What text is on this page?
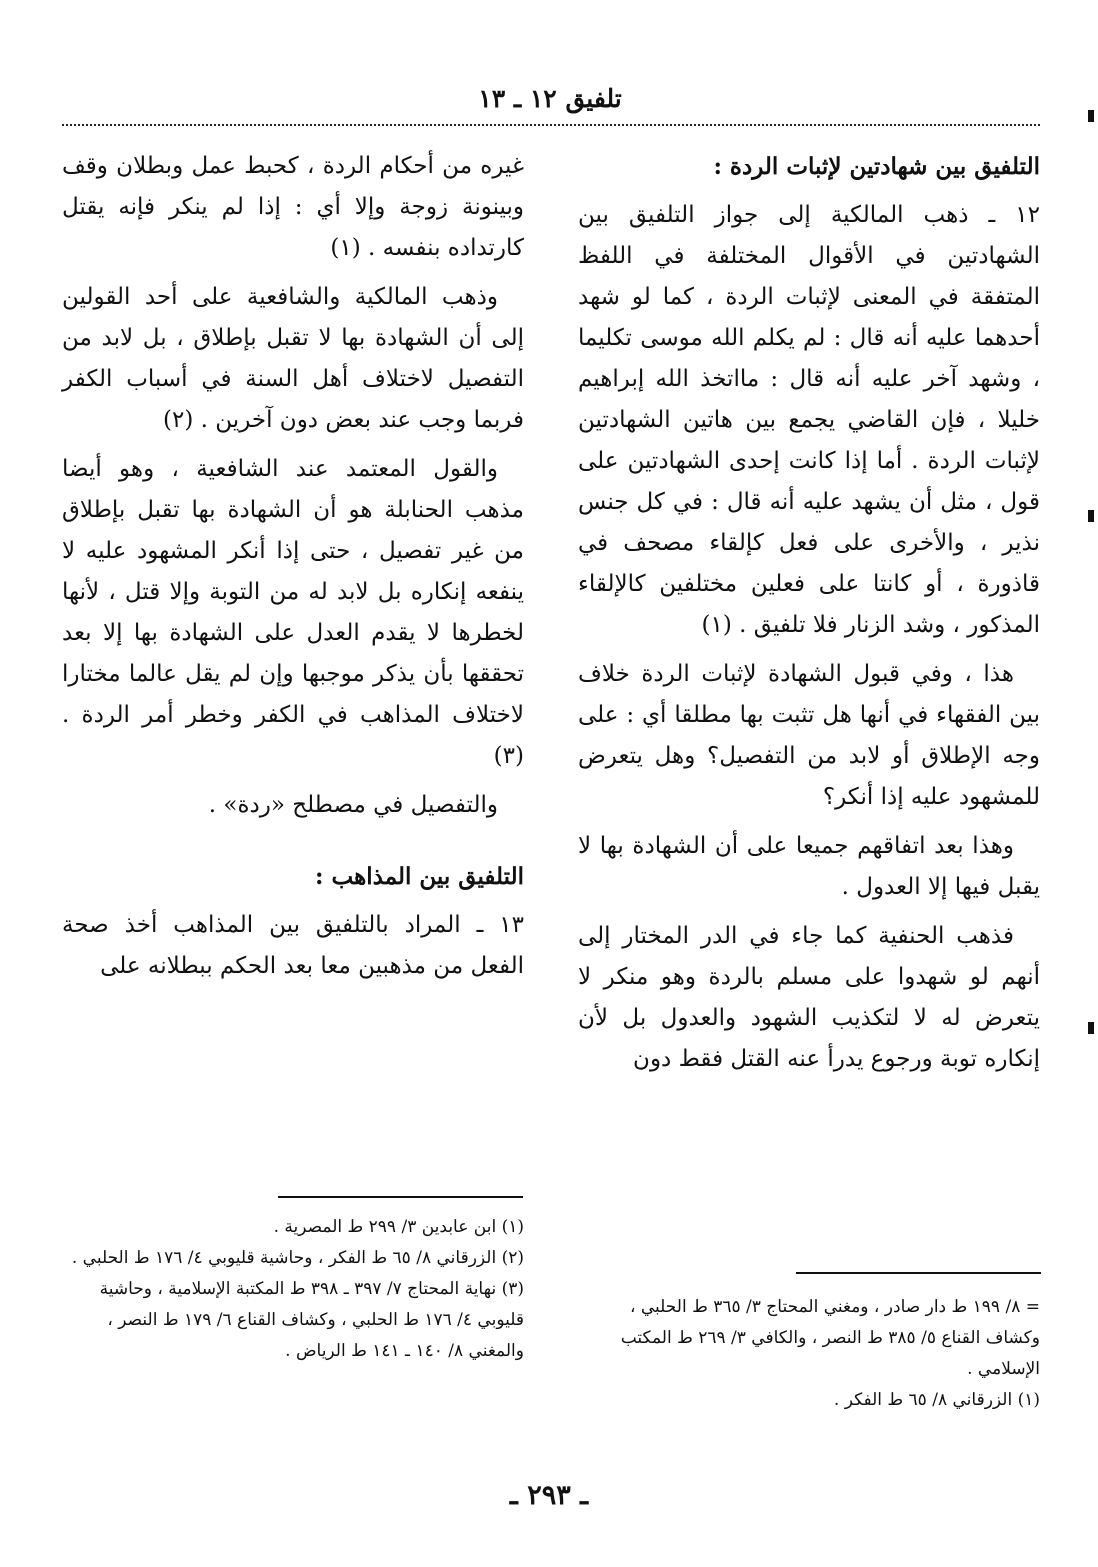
تلفيق ١٢ ـ ١٣

التلفيق بين شهادتين لإثبات الردة :

١٢ ـ ذهب المالكية إلى جواز التلفيق بين الشهادتين في الأقوال المختلفة في اللفظ المتفقة في المعنى لإثبات الردة ، كما لو شهد أحدهما عليه أنه قال : لم يكلم الله موسى تكليما ، وشهد آخر عليه أنه قال : مااتخذ الله إبراهيم خليلا ، فإن القاضي يجمع بين هاتين الشهادتين لإثبات الردة . أما إذا كانت إحدى الشهادتين على قول ، مثل أن يشهد عليه أنه قال : في كل جنس نذير ، والأخرى على فعل كإلقاء مصحف في قاذورة ، أو كانتا على فعلين مختلفين كالإلقاء المذكور ، وشد الزنار فلا تلفيق . (١)

هذا ، وفي قبول الشهادة لإثبات الردة خلاف بين الفقهاء في أنها هل تثبت بها مطلقا أي : على وجه الإطلاق أو لابد من التفصيل؟ وهل يتعرض للمشهود عليه إذا أنكر؟

وهذا بعد اتفاقهم جميعا على أن الشهادة بها لا يقبل فيها إلا العدول .

فذهب الحنفية كما جاء في الدر المختار إلى أنهم لو شهدوا على مسلم بالردة وهو منكر لا يتعرض له لا لتكذيب الشهود والعدول بل لأن إنكاره توبة ورجوع يدرأ عنه القتل فقط دون

غيره من أحكام الردة ، كحبط عمل وبطلان وقف وبينونة زوجة وإلا أي : إذا لم ينكر فإنه يقتل كارتداده بنفسه . (١)

وذهب المالكية والشافعية على أحد القولين إلى أن الشهادة بها لا تقبل بإطلاق ، بل لابد من التفصيل لاختلاف أهل السنة في أسباب الكفر فربما وجب عند بعض دون آخرين . (٢)

والقول المعتمد عند الشافعية ، وهو أيضا مذهب الحنابلة هو أن الشهادة بها تقبل بإطلاق من غير تفصيل ، حتى إذا أنكر المشهود عليه لا ينفعه إنكاره بل لابد له من التوبة وإلا قتل ، لأنها لخطرها لا يقدم العدل على الشهادة بها إلا بعد تحققها بأن يذكر موجبها وإن لم يقل عالما مختارا لاختلاف المذاهب في الكفر وخطر أمر الردة . (٣)

والتفصيل في مصطلح «ردة» .

التلفيق بين المذاهب :

١٣ ـ المراد بالتلفيق بين المذاهب أخذ صحة الفعل من مذهبين معا بعد الحكم ببطلانه على

(١) ابن عابدين ٣/ ٢٩٩ ط المصرية .
(٢) الزرقاني ٨/ ٦٥ ط الفكر ، وحاشية قليوبي ٤/ ١٧٦ ط الحلبي .
(٣) نهاية المحتاج ٧/ ٣٩٧ ـ ٣٩٨ ط المكتبة الإسلامية ، وحاشية قليوبي ٤/ ١٧٦ ط الحلبي ، وكشاف القناع ٦/ ١٧٩ ط النصر ، والمغني ٨/ ١٤٠ ـ ١٤١ ط الرياض .
= ٨/ ١٩٩ ط دار صادر ، ومغني المحتاج ٣/ ٣٦٥ ط الحلبي ، وكشاف القناع ٥/ ٣٨٥ ط النصر ، والكافي ٣/ ٢٦٩ ط المكتب الإسلامي .
(١) الزرقاني ٨/ ٦٥ ط الفكر .
ـ ٢٩٣ ـ
